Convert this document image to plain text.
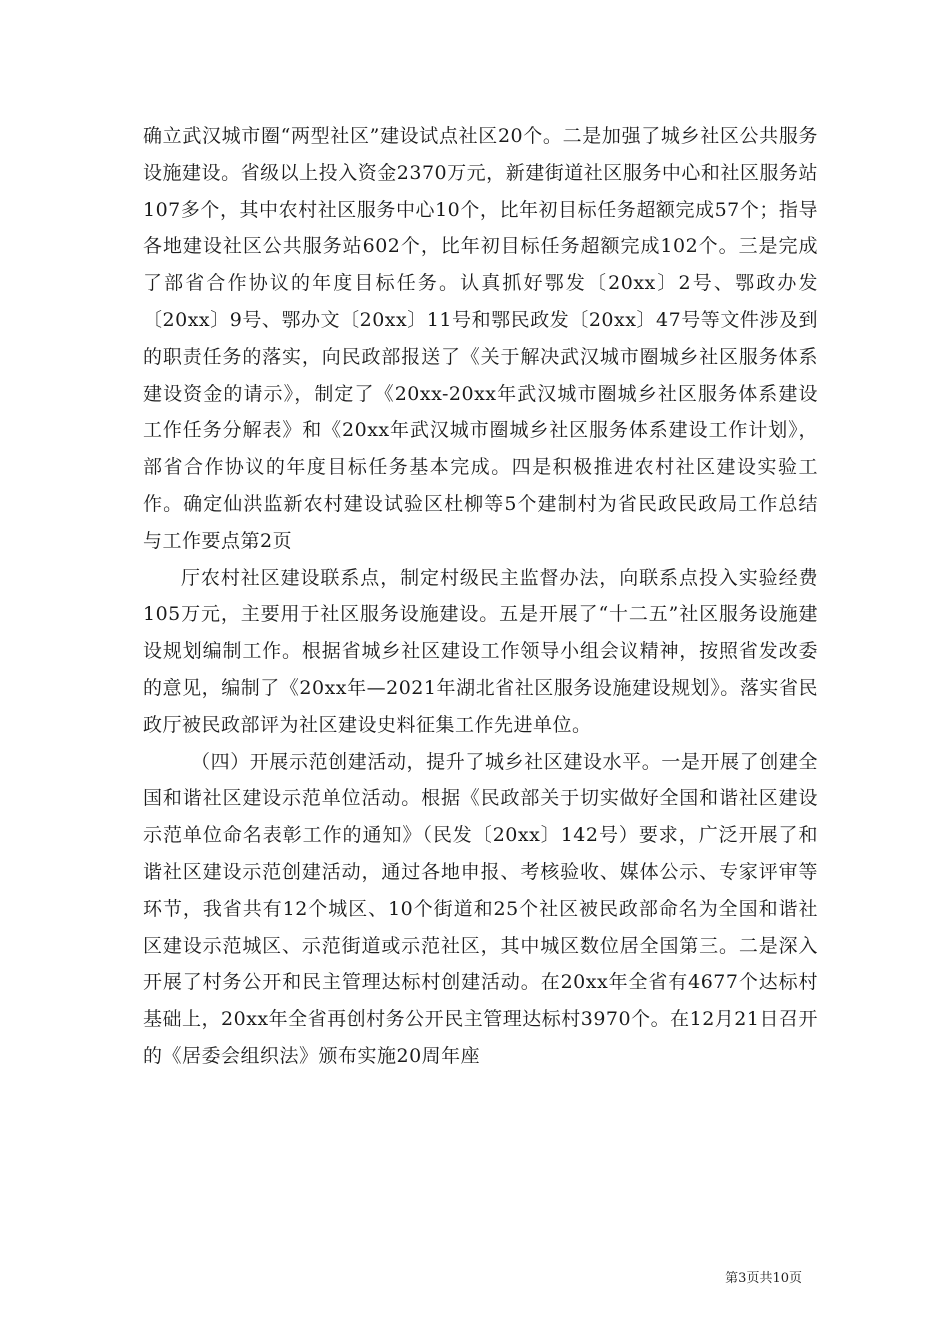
确立武汉城市圈“两型社区”建设试点社区20个。二是加强了城乡社区公共服务设施建设。省级以上投入资金2370万元，新建街道社区服务中心和社区服务站107多个，其中农村社区服务中心10个，比年初目标任务超额完成57个；指导各地建设社区公共服务站602个，比年初目标任务超额完成102个。三是完成了部省合作协议的年度目标任务。认真抓好鄂发〔20xx〕2号、鄂政办发〔20xx〕9号、鄂办文〔20xx〕11号和鄂民政发〔20xx〕47号等文件涉及到的职责任务的落实，向民政部报送了《关于解决武汉城市圈城乡社区服务体系建设资金的请示》，制定了《20xx-20xx年武汉城市圈城乡社区服务体系建设工作任务分解表》和《20xx年武汉城市圈城乡社区服务体系建设工作计划》，部省合作协议的年度目标任务基本完成。四是积极推进农村社区建设实验工作。确定仙洪监新农村建设试验区杜柳等5个建制村为省民政民政局工作总结与工作要点第2页

厅农村社区建设联系点，制定村级民主监督办法，向联系点投入实验经费105万元，主要用于社区服务设施建设。五是开展了“十二五”社区服务设施建设规划编制工作。根据省城乡社区建设工作领导小组会议精神，按照省发改委的意见，编制了《20xx年—2021年湖北省社区服务设施建设规划》。落实省民政厅被民政部评为社区建设史料征集工作先进单位。

（四）开展示范创建活动，提升了城乡社区建设水平。一是开展了创建全国和谐社区建设示范单位活动。根据《民政部关于切实做好全国和谐社区建设示范单位命名表彰工作的通知》（民发〔20xx〕142号）要求，广泛开展了和谐社区建设示范创建活动，通过各地申报、考核验收、媒体公示、专家评审等环节，我省共有12个城区、10个街道和25个社区被民政部命名为全国和谐社区建设示范城区、示范街道或示范社区，其中城区数位居全国第三。二是深入开展了村务公开和民主管理达标村创建活动。在20xx年全省有4677个达标村基础上，20xx年全省再创村务公开民主管理达标村3970个。在12月21日召开的《居委会组织法》颁布实施20周年座

第3页共10页
